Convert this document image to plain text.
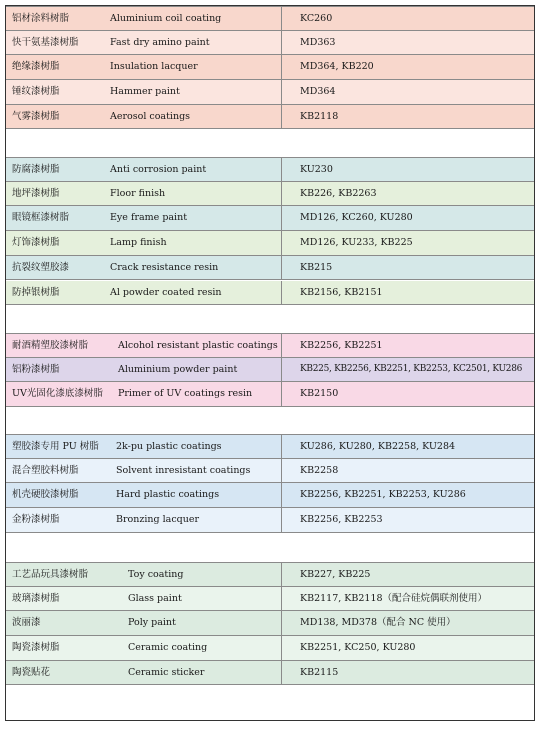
铝材涂料树脂	Aluminium coil coating	KC260
快干氨基漆树脂	Fast dry amino paint	MD363
绝缘漆树脂	Insulation lacquer	MD364, KB220
锤纹漆树脂	Hammer paint	MD364
气雾漆树脂	Aerosol coatings	KB2118
防腐漆树脂	Anti corrosion paint	KU230
地坪漆树脂	Floor finish	KB226, KB2263
眼镜框漆树脂	Eye frame paint	MD126, KC260, KU280
灯饰漆树脂	Lamp finish	MD126, KU233, KB225
抗裂纹塑胶漆	Crack resistance resin	KB215
防掉银树脂	Al powder coated resin	KB2156, KB2151
耐酒精塑胶漆树脂	Alcohol resistant plastic coatings KB2256, KB2251
铝粉漆树脂	Aluminium powder paint	KB225, KB2256, KB2251, KB2253, KC2501, KU286
UV光固化漆底漆树脂 Primer of UV coatings resin	KB2150
塑胶漆专用 PU 树脂 2k-pu plastic coatings	KU286, KU280, KB2258, KU284
混合塑胶料树脂	Solvent inresistant coatings	KB2258
机壳硬胶漆树脂	Hard plastic coatings	KB2256, KB2251, KB2253, KU286
金粉漆树脂	Bronzing lacquer	KB2256, KB2253
工艺品玩具漆树脂	Toy coating	KB227, KB225
玻璃漆树脂	Glass paint	KB2117, KB2118（配合硅烷偶联剂使用）
波丽漆	Poly paint	MD138, MD378（配合 NC 使用）
陶瓷漆树脂	Ceramic coating	KB2251, KC250, KU280
陶瓷贴花	Ceramic sticker	KB2115
